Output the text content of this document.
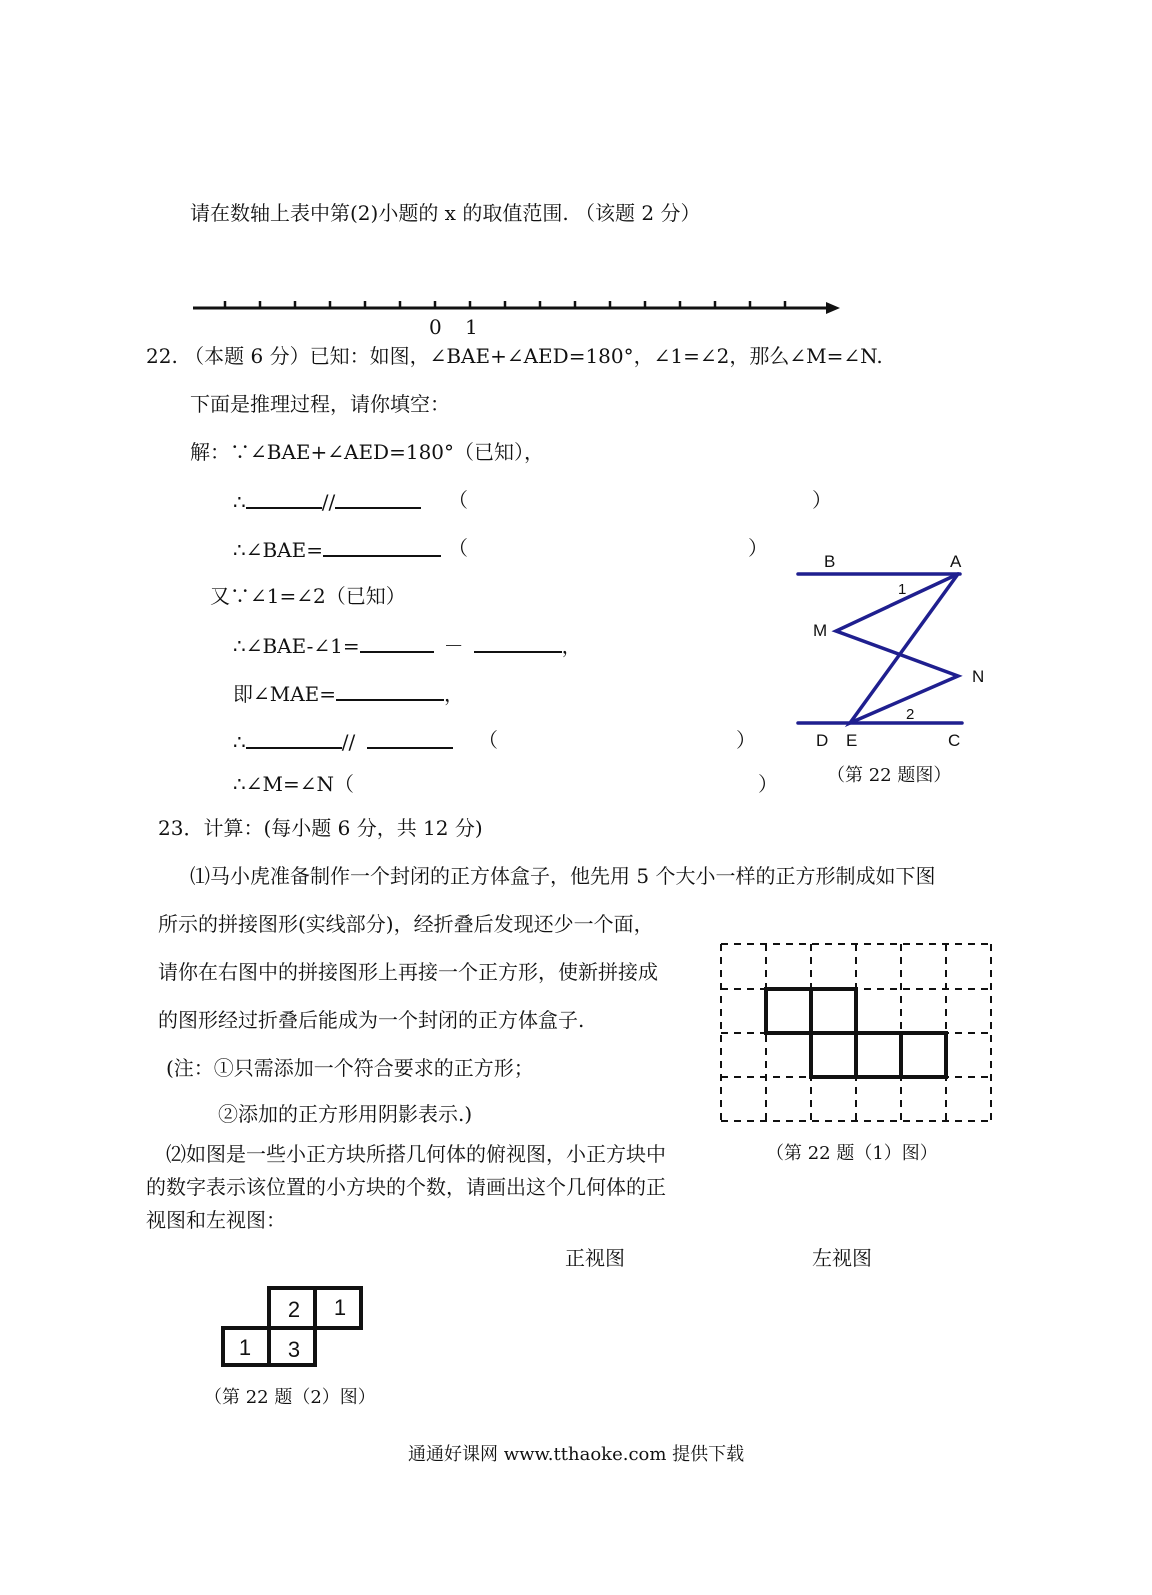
请在数轴上表中第(2)小题的 x 的取值范围. （该题 2 分）
0 1
22. （本题 6 分）已知：如图，∠BAE+∠AED=180°，∠1=∠2，那么∠M=∠N.
下面是推理过程，请你填空：
解：∵∠BAE+∠AED=180°（已知），
∴	//	（	）
∴∠BAE=	（	）
又∵∠1=∠2（已知）
∴∠BAE-∠1=	－	，
即∠MAE=	，
∴	//	（	）
∴∠M=∠N（	）
B	A
1
M
N
2
D E	C
（第 22 题图）
23．计算：(每小题 6 分，共 12 分)
⑴马小虎准备制作一个封闭的正方体盒子，他先用 5 个大小一样的正方形制成如下图
所示的拼接图形(实线部分)，经折叠后发现还少一个面，
请你在右图中的拼接图形上再接一个正方形，使新拼接成
的图形经过折叠后能成为一个封闭的正方体盒子.
(注：①只需添加一个符合要求的正方形；
②添加的正方形用阴影表示.)
（第 22 题（1）图）
⑵如图是一些小正方块所搭几何体的俯视图，小正方块中
的数字表示该位置的小方块的个数，请画出这个几何体的正
视图和左视图：
正视图	左视图
2 1
1 3
（第 22 题（2）图）
通通好课网 www.tthaoke.com 提供下载
